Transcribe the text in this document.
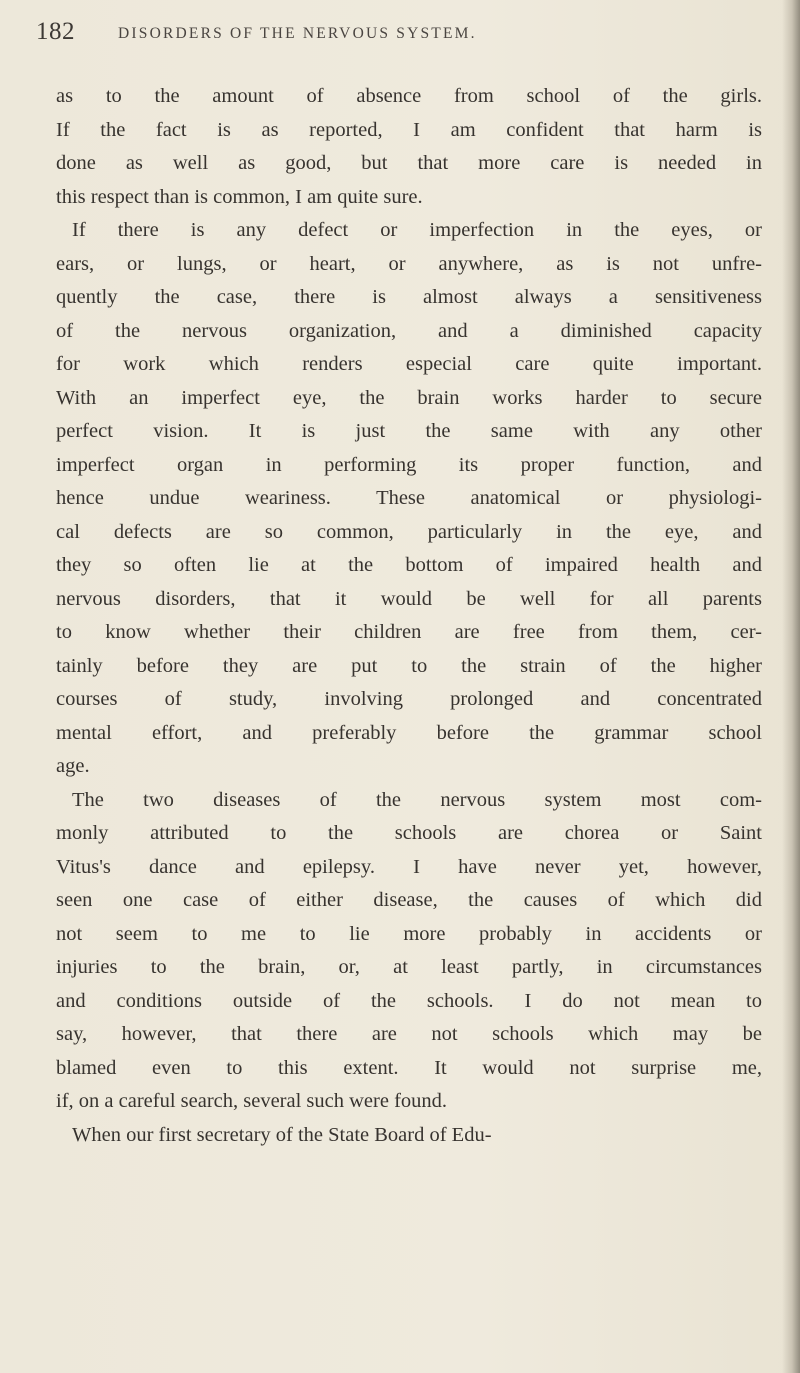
182	DISORDERS OF THE NERVOUS SYSTEM.
as to the amount of absence from school of the girls.
If the fact is as reported, I am confident that harm is
done as well as good, but that more care is needed in
this respect than is common, I am quite sure.
If there is any defect or imperfection in the eyes, or
ears, or lungs, or heart, or anywhere, as is not unfre-
quently the case, there is almost always a sensitiveness
of the nervous organization, and a diminished capacity
for work which renders especial care quite important.
With an imperfect eye, the brain works harder to secure
perfect vision. It is just the same with any other
imperfect organ in performing its proper function, and
hence undue weariness. These anatomical or physiologi-
cal defects are so common, particularly in the eye, and
they so often lie at the bottom of impaired health and
nervous disorders, that it would be well for all parents
to know whether their children are free from them, cer-
tainly before they are put to the strain of the higher
courses of study, involving prolonged and concentrated
mental effort, and preferably before the grammar school
age.
The two diseases of the nervous system most com-
monly attributed to the schools are chorea or Saint
Vitus's dance and epilepsy. I have never yet, however,
seen one case of either disease, the causes of which did
not seem to me to lie more probably in accidents or
injuries to the brain, or, at least partly, in circumstances
and conditions outside of the schools. I do not mean to
say, however, that there are not schools which may be
blamed even to this extent. It would not surprise me,
if, on a careful search, several such were found.
When our first secretary of the State Board of Edu-
